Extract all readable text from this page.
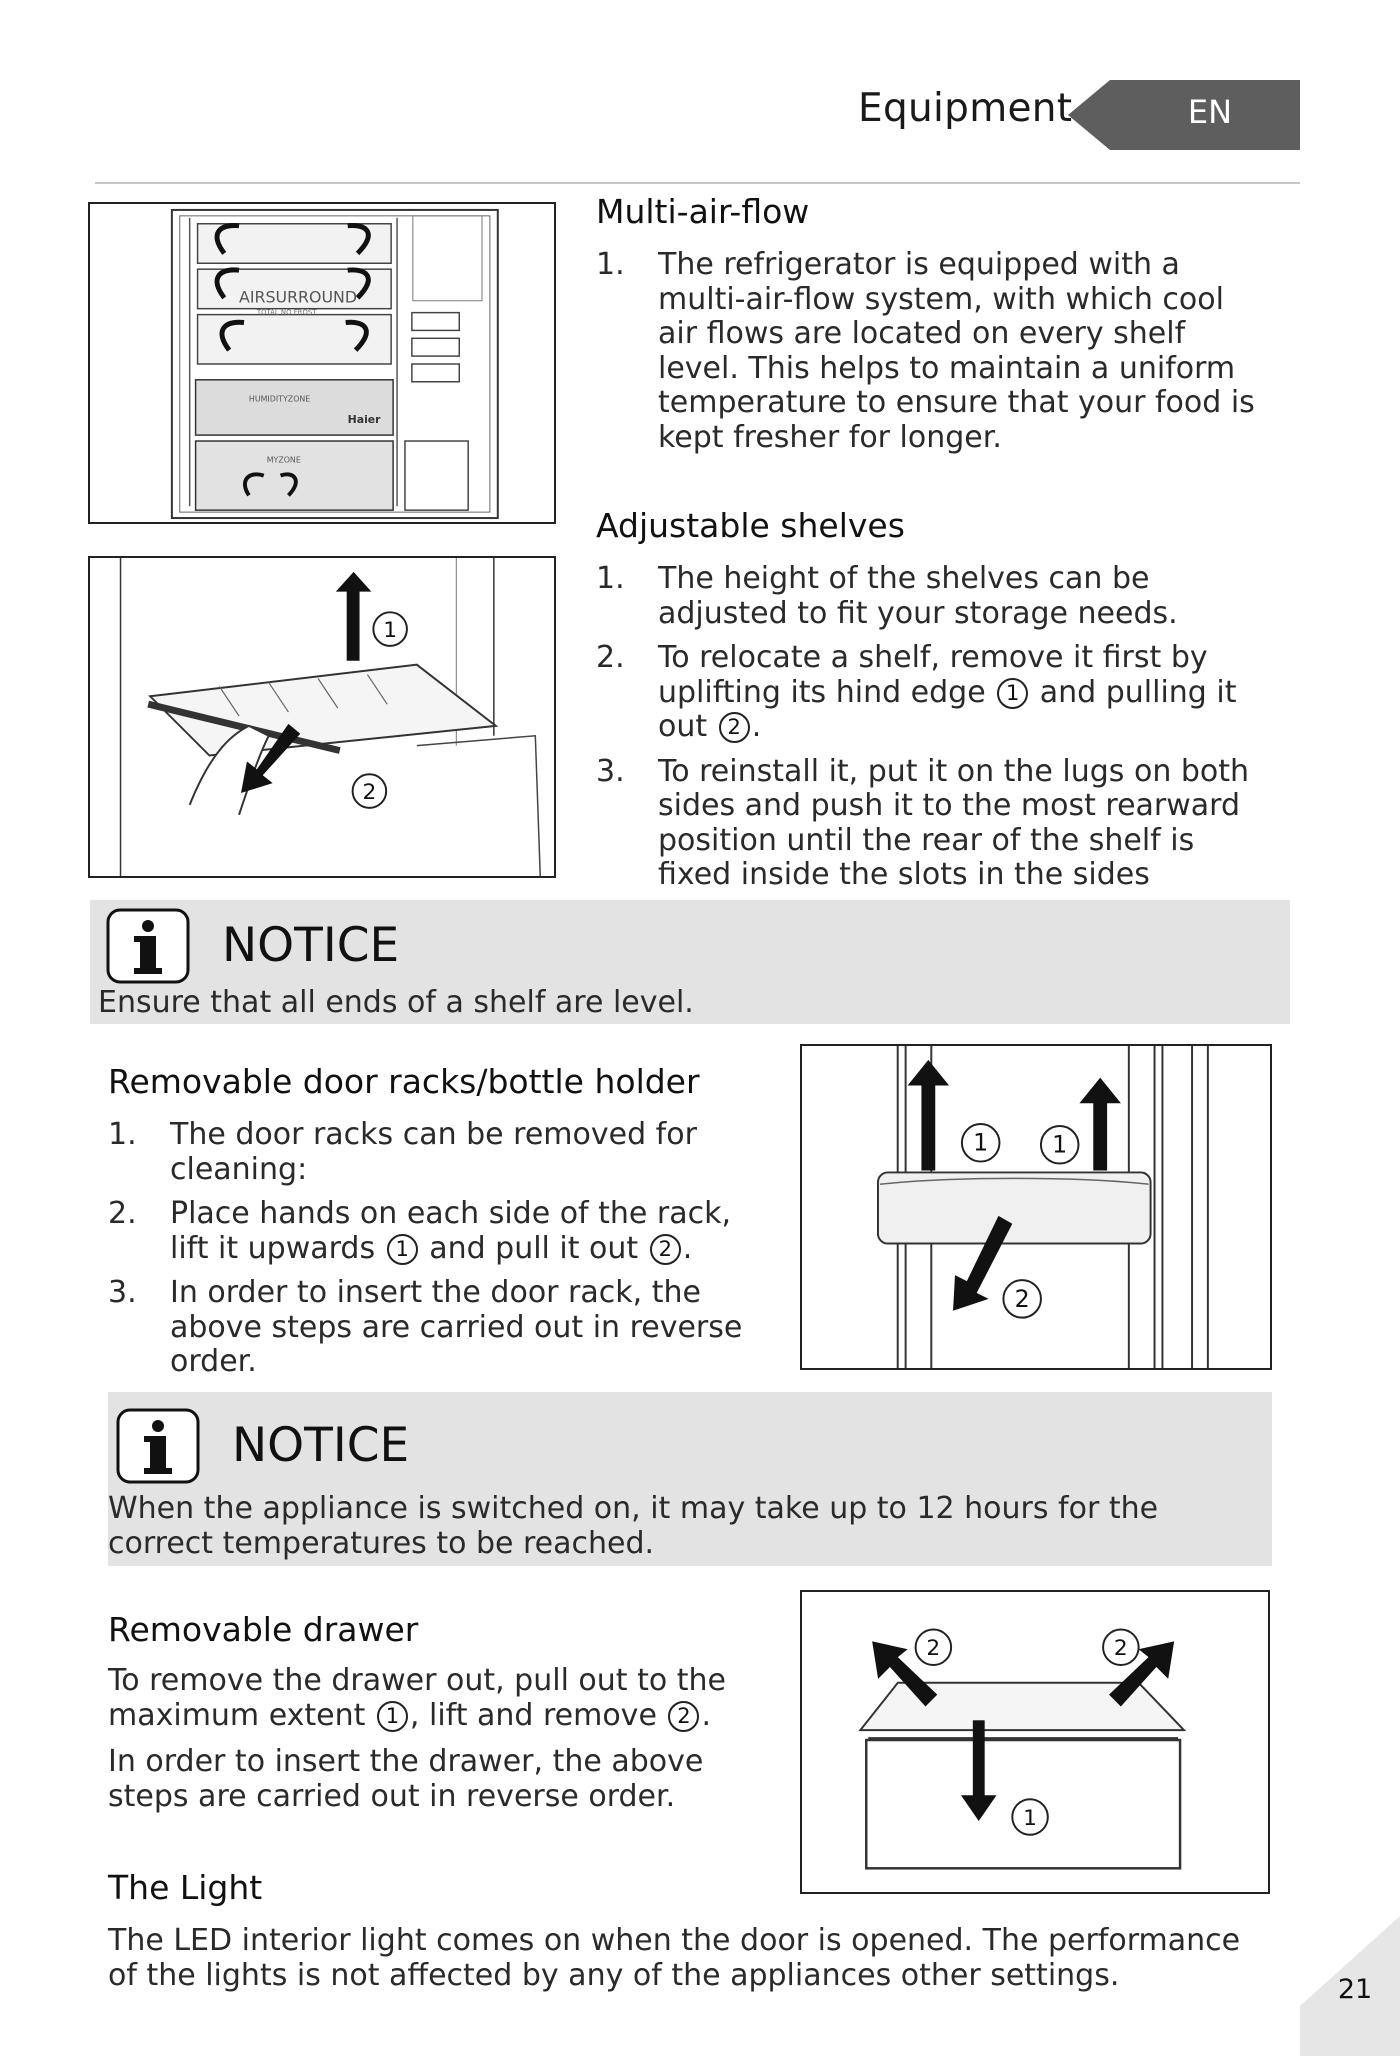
Equipment	EN
AIRSURROUND
TOTAL NO FROST
HUMIDITYZONE
Haier
MYZONE
1
2
Multi-air-flow
1. The refrigerator is equipped with a multi-air-flow system, with which cool air flows are located on every shelf level. This helps to maintain a uniform temperature to ensure that your food is kept fresher for longer.
Adjustable shelves
1. The height of the shelves can be adjusted to fit your storage needs.
2. To relocate a shelf, remove it first by uplifting its hind edge 1 and pulling it out 2 .
3. To reinstall it, put it on the lugs on both sides and push it to the most rearward position until the rear of the shelf is fixed inside the slots in the sides
NOTICE
Ensure that all ends of a shelf are level.
Removable door racks/bottle holder
1. The door racks can be removed for cleaning:
2. Place hands on each side of the rack, lift it upwards 1 and pull it out 2 .
3. In order to insert the door rack, the above steps are carried out in reverse order.
1	1
2
NOTICE
When the appliance is switched on, it may take up to 12 hours for the correct temperatures to be reached.
Removable drawer

To remove the drawer out, pull out to the maximum extent 1 , lift and remove 2 .

In order to insert the drawer, the above steps are carried out in reverse order.

2	2
1
The Light
The LED interior light comes on when the door is opened. The performance of the lights is not affected by any of the appliances other settings.	21
